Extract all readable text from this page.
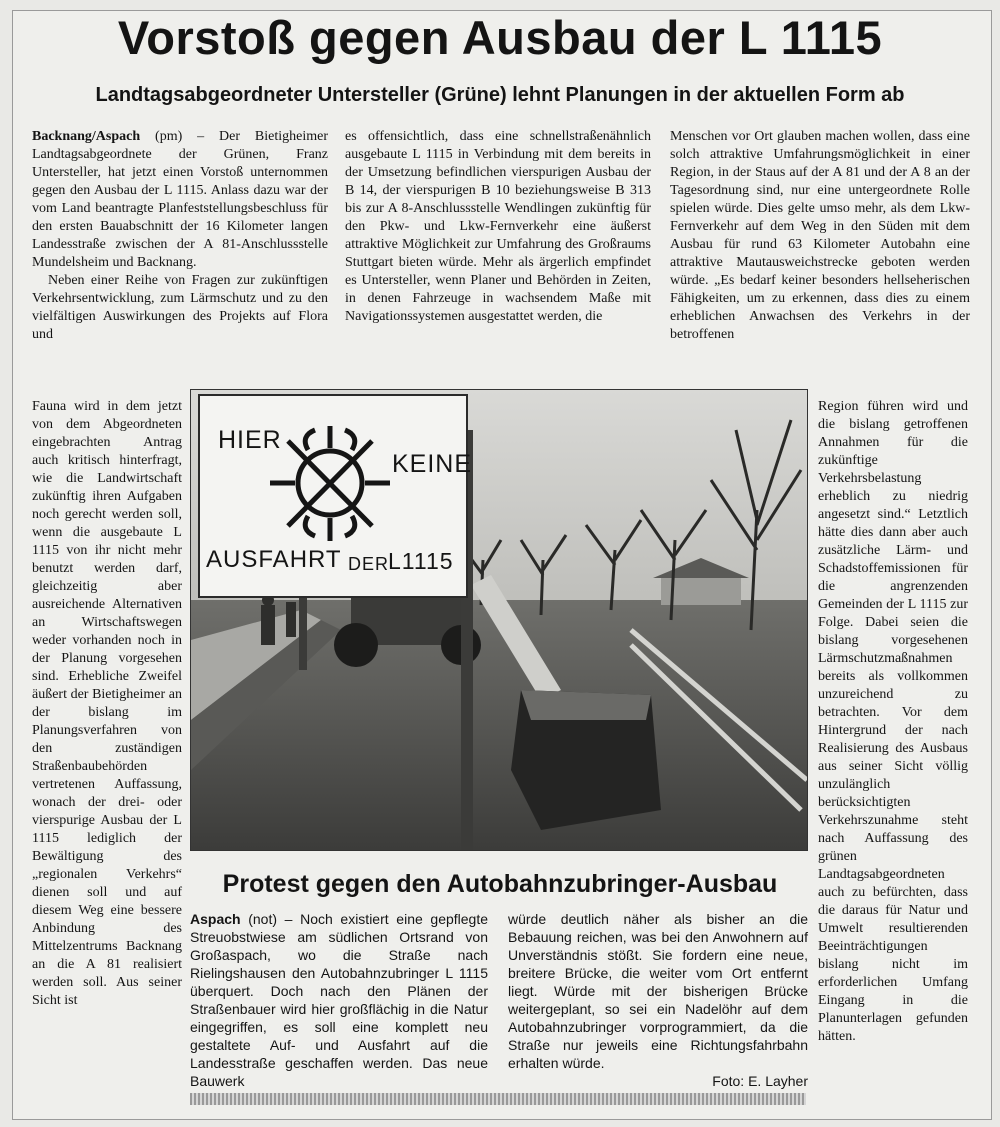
Vorstoß gegen Ausbau der L 1115
Landtagsabgeordneter Untersteller (Grüne) lehnt Planungen in der aktuellen Form ab

Backnang/Aspach (pm) – Der Bietigheimer Landtagsabgeordnete der Grünen, Franz Untersteller, hat jetzt einen Vorstoß unternommen gegen den Ausbau der L 1115. Anlass dazu war der vom Land beantragte Planfeststellungsbeschluss für den ersten Bauabschnitt der 16 Kilometer langen Landesstraße zwischen der A 81-Anschlussstelle Mundelsheim und Backnang.

Neben einer Reihe von Fragen zur zukünftigen Verkehrsentwicklung, zum Lärmschutz und zu den vielfältigen Auswirkungen des Projekts auf Flora und

Fauna wird in dem jetzt von dem Abgeordneten eingebrachten Antrag auch kritisch hinterfragt, wie die Landwirtschaft zukünftig ihren Aufgaben noch gerecht werden soll, wenn die ausgebaute L 1115 von ihr nicht mehr benutzt werden darf, gleichzeitig aber ausreichende Alternativen an Wirtschaftswegen weder vorhanden noch in der Planung vorgesehen sind. Erhebliche Zweifel äußert der Bietigheimer an der bislang im Planungsverfahren von den zuständigen Straßenbaubehörden vertretenen Auffassung, wonach der drei- oder vierspurige Ausbau der L 1115 lediglich der Bewältigung des „regionalen Verkehrs“ dienen soll und auf diesem Weg eine bessere Anbindung des Mittelzentrums Backnang an die A 81 realisiert werden soll. Aus seiner Sicht ist
es offensichtlich, dass eine schnellstraßenähnlich ausgebaute L 1115 in Verbindung mit dem bereits in der Umsetzung befindlichen vierspurigen Ausbau der B 14, der vierspurigen B 10 beziehungsweise B 313 bis zur A 8-Anschlussstelle Wendlingen zukünftig für den Pkw- und Lkw-Fernverkehr eine äußerst attraktive Möglichkeit zur Umfahrung des Großraums Stuttgart bieten würde. Mehr als ärgerlich empfindet es Untersteller, wenn Planer und Behörden in Zeiten, in denen Fahrzeuge in wachsendem Maße mit Navigationssystemen ausgestattet werden, die
Menschen vor Ort glauben machen wollen, dass eine solch attraktive Umfahrungsmöglichkeit in einer Region, in der Staus auf der A 81 und der A 8 an der Tagesordnung sind, nur eine untergeordnete Rolle spielen würde. Dies gelte umso mehr, als dem Lkw-Fernverkehr auf dem Weg in den Süden mit dem Ausbau für rund 63 Kilometer Autobahn eine attraktive Mautausweichstrecke geboten werden würde. „Es bedarf keiner besonders hellseherischen Fähigkeiten, um zu erkennen, dass dies zu einem erheblichen Anwachsen des Verkehrs in der betroffenen
Region führen wird und die bislang getroffenen Annahmen für die zukünftige Verkehrsbelastung erheblich zu niedrig angesetzt sind.“ Letztlich hätte dies dann aber auch zusätzliche Lärm- und Schadstoffemissionen für die angrenzenden Gemeinden der L 1115 zur Folge. Dabei seien die bislang vorgesehenen Lärmschutzmaßnahmen bereits als vollkommen unzureichend zu betrachten. Vor dem Hintergrund der nach Realisierung des Ausbaus aus seiner Sicht völlig unzulänglich berücksichtigten Verkehrszunahme steht nach Auffassung des grünen Landtagsabgeordneten auch zu befürchten, dass die daraus für Natur und Umwelt resultierenden Beeinträchtigungen bislang nicht im erforderlichen Umfang Eingang in die Planunterlagen gefunden hätten.
HIER
KEINE
AUSFAHRT DER
L1115
Protest gegen den Autobahnzubringer-Ausbau
Aspach (not) – Noch existiert eine gepflegte Streuobstwiese am südlichen Ortsrand von Großaspach, wo die Straße nach Rielingshausen den Autobahnzubringer L 1115 überquert. Doch nach den Plänen der Straßenbauer wird hier großflächig in die Natur eingegriffen, es soll eine komplett neu gestaltete Auf- und Ausfahrt auf die Landesstraße geschaffen werden. Das neue Bauwerk
würde deutlich näher als bisher an die Bebauung reichen, was bei den Anwohnern auf Unverständnis stößt. Sie fordern eine neue, breitere Brücke, die weiter vom Ort entfernt liegt. Würde mit der bisherigen Brücke weitergeplant, so sei ein Nadelöhr auf dem Autobahnzubringer vorprogrammiert, da die Straße nur jeweils eine Richtungsfahrbahn erhalten würde.
Foto: E. Layher
